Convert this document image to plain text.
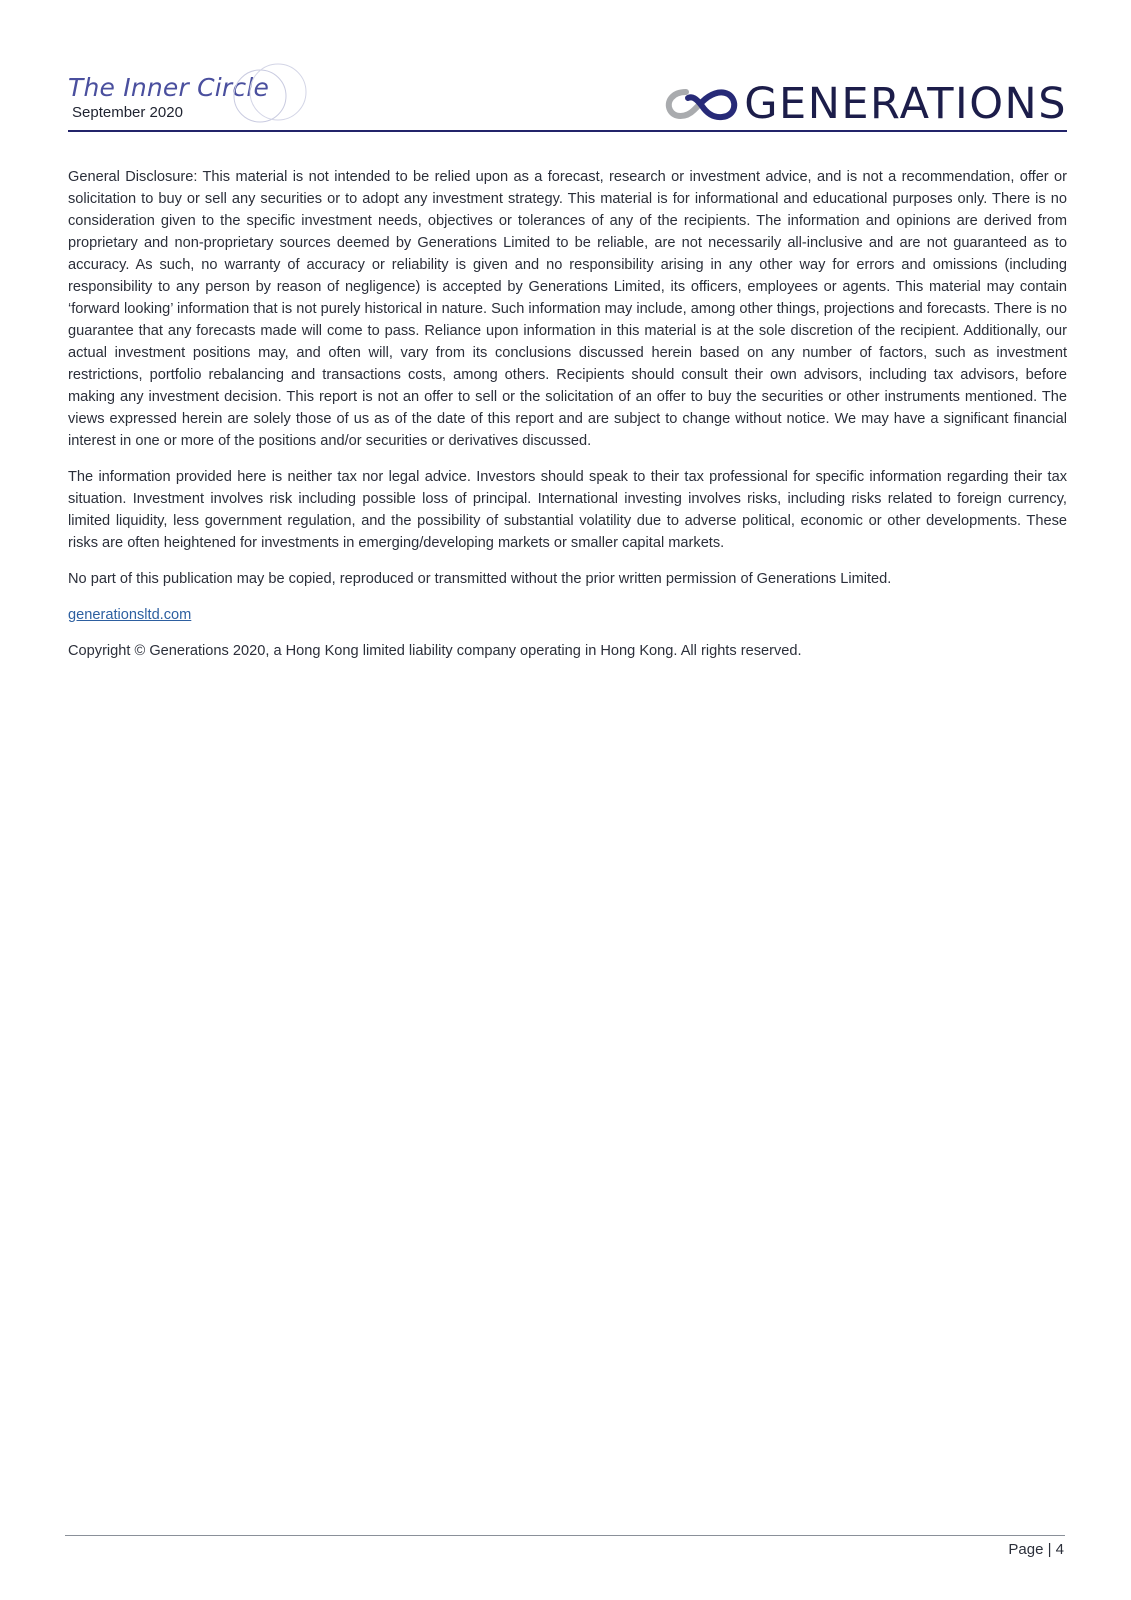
The Inner Circle
September 2020	GENERATIONS

General Disclosure: This material is not intended to be relied upon as a forecast, research or investment advice, and is not a recommendation, offer or solicitation to buy or sell any securities or to adopt any investment strategy. This material is for informational and educational purposes only. There is no consideration given to the specific investment needs, objectives or tolerances of any of the recipients. The information and opinions are derived from proprietary and non-proprietary sources deemed by Generations Limited to be reliable, are not necessarily all-inclusive and are not guaranteed as to accuracy. As such, no warranty of accuracy or reliability is given and no responsibility arising in any other way for errors and omissions (including responsibility to any person by reason of negligence) is accepted by Generations Limited, its officers, employees or agents. This material may contain ‘forward looking’ information that is not purely historical in nature. Such information may include, among other things, projections and forecasts. There is no guarantee that any forecasts made will come to pass. Reliance upon information in this material is at the sole discretion of the recipient. Additionally, our actual investment positions may, and often will, vary from its conclusions discussed herein based on any number of factors, such as investment restrictions, portfolio rebalancing and transactions costs, among others. Recipients should consult their own advisors, including tax advisors, before making any investment decision. This report is not an offer to sell or the solicitation of an offer to buy the securities or other instruments mentioned. The views expressed herein are solely those of us as of the date of this report and are subject to change without notice. We may have a significant financial interest in one or more of the positions and/or securities or derivatives discussed.

The information provided here is neither tax nor legal advice. Investors should speak to their tax professional for specific information regarding their tax situation. Investment involves risk including possible loss of principal. International investing involves risks, including risks related to foreign currency, limited liquidity, less government regulation, and the possibility of substantial volatility due to adverse political, economic or other developments. These risks are often heightened for investments in emerging/developing markets or smaller capital markets.

No part of this publication may be copied, reproduced or transmitted without the prior written permission of Generations Limited.

generationsltd.com

Copyright © Generations 2020, a Hong Kong limited liability company operating in Hong Kong. All rights reserved.

Page | 4
